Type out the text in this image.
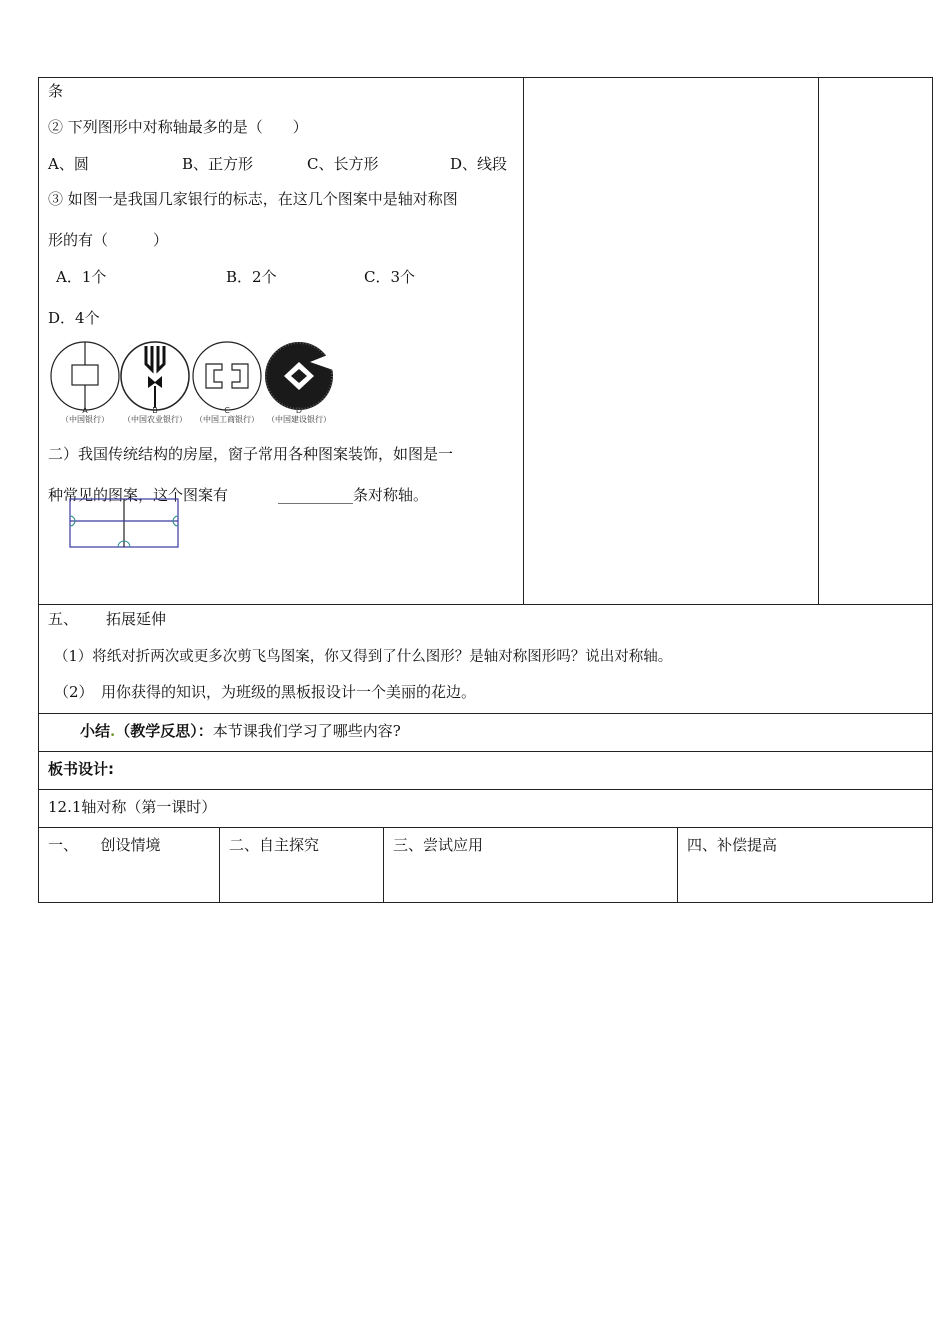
条
② 下列图形中对称轴最多的是（　　）
A、圆	B、正方形	C、长方形	D、线段
③ 如图一是我国几家银行的标志，在这几个图案中是轴对称图
形的有（　　　）
A．1个	B．2个	C．3个
D．4个
A
（中国银行）
B
（中国农业银行）
C
（中国工商银行）
D
（中国建设银行）
二）我国传统结构的房屋，窗子常用各种图案装饰，如图是一
种常见的图案，这个图案有	__________条对称轴。
五、 拓展延伸
（1）将纸对折两次或更多次剪飞鸟图案，你又得到了什么图形？是轴对称图形吗？说出对称轴。
（2）　用你获得的知识，为班级的黑板报设计一个美丽的花边。
小结.（教学反思）：本节课我们学习了哪些内容?
板书设计:
12.1轴对称（第一课时）
一、　　创设情境	二、自主探究	三、尝试应用	四、补偿提高
